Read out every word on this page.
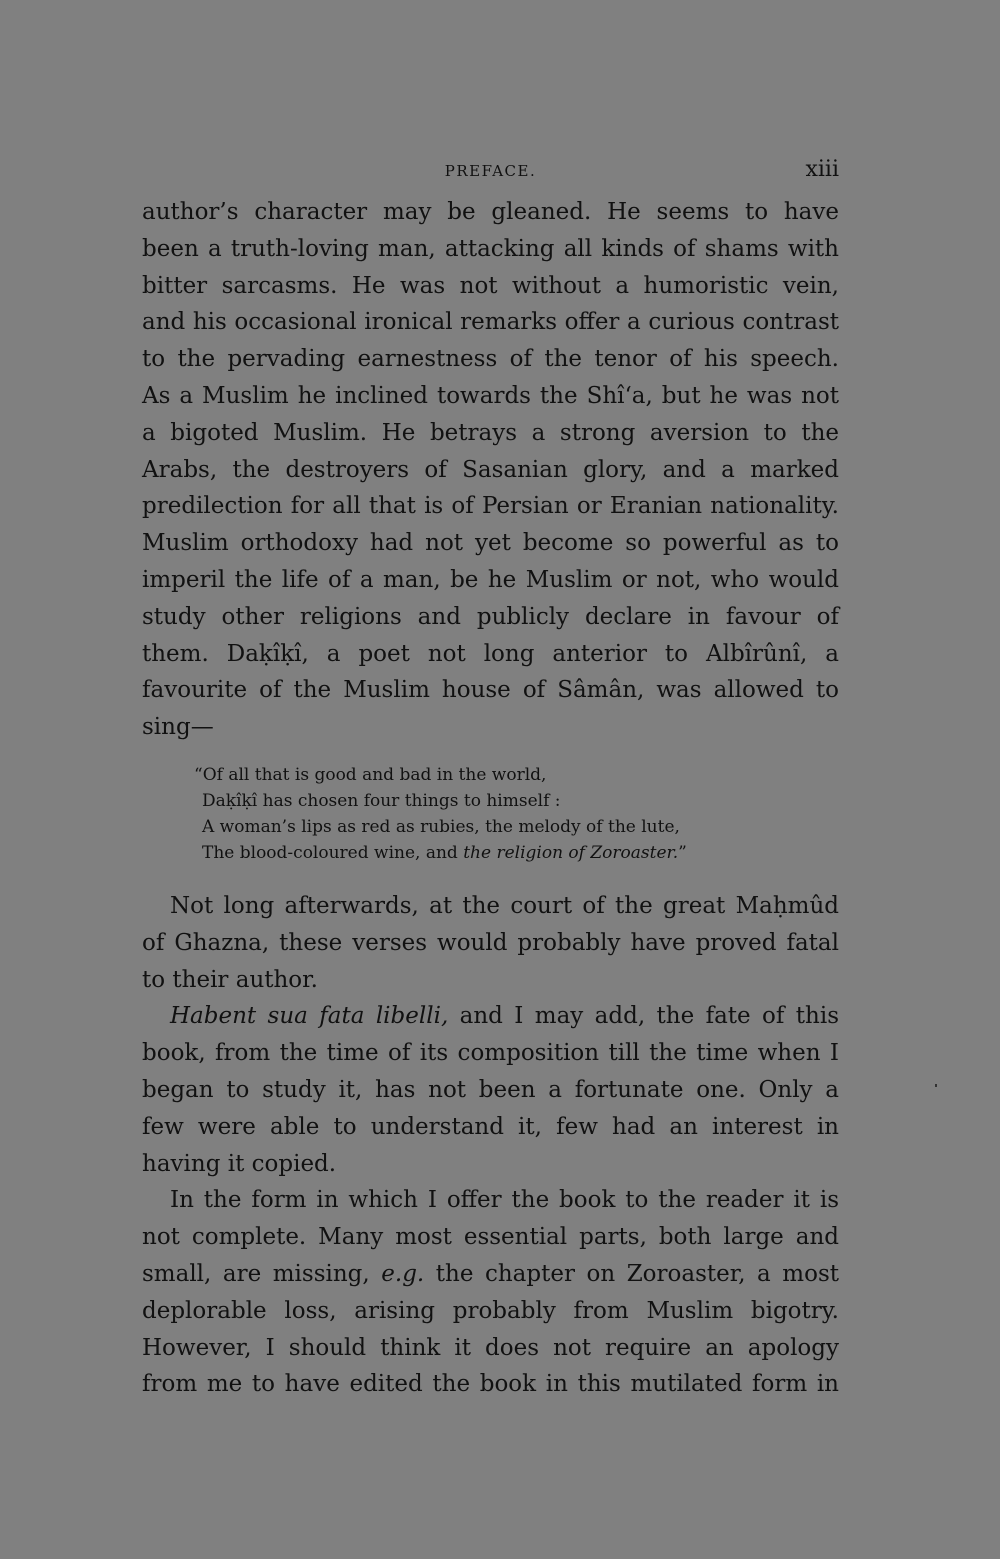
PREFACE.	xiii

author’s character may be gleaned. He seems to have
been a truth-loving man, attacking all kinds of shams with
bitter sarcasms. He was not without a humoristic vein,
and his occasional ironical remarks offer a curious contrast
to the pervading earnestness of the tenor of his speech.
As a Muslim he inclined towards the Shî‘a, but he was not
a bigoted Muslim. He betrays a strong aversion to the
Arabs, the destroyers of Sasanian glory, and a marked
predilection for all that is of Persian or Eranian nationality.
Muslim orthodoxy had not yet become so powerful as to
imperil the life of a man, be he Muslim or not, who would
study other religions and publicly declare in favour of
them. Daḳîḳî, a poet not long anterior to Albîrûnî, a
favourite of the Muslim house of Sâmân, was allowed to
sing—

“Of all that is good and bad in the world,
Daḳîḳî has chosen four things to himself :
A woman’s lips as red as rubies, the melody of the lute,
The blood-coloured wine, and the religion of Zoroaster.”

Not long afterwards, at the court of the great Maḥmûd
of Ghazna, these verses would probably have proved fatal
to their author.

Habent sua fata libelli, and I may add, the fate of this
book, from the time of its composition till the time when I
began to study it, has not been a fortunate one. Only a
few were able to understand it, few had an interest in
having it copied.

In the form in which I offer the book to the reader it is
not complete. Many most essential parts, both large and
small, are missing, e.g. the chapter on Zoroaster, a most
deplorable loss, arising probably from Muslim bigotry.
However, I should think it does not require an apology
from me to have edited the book in this mutilated form in
